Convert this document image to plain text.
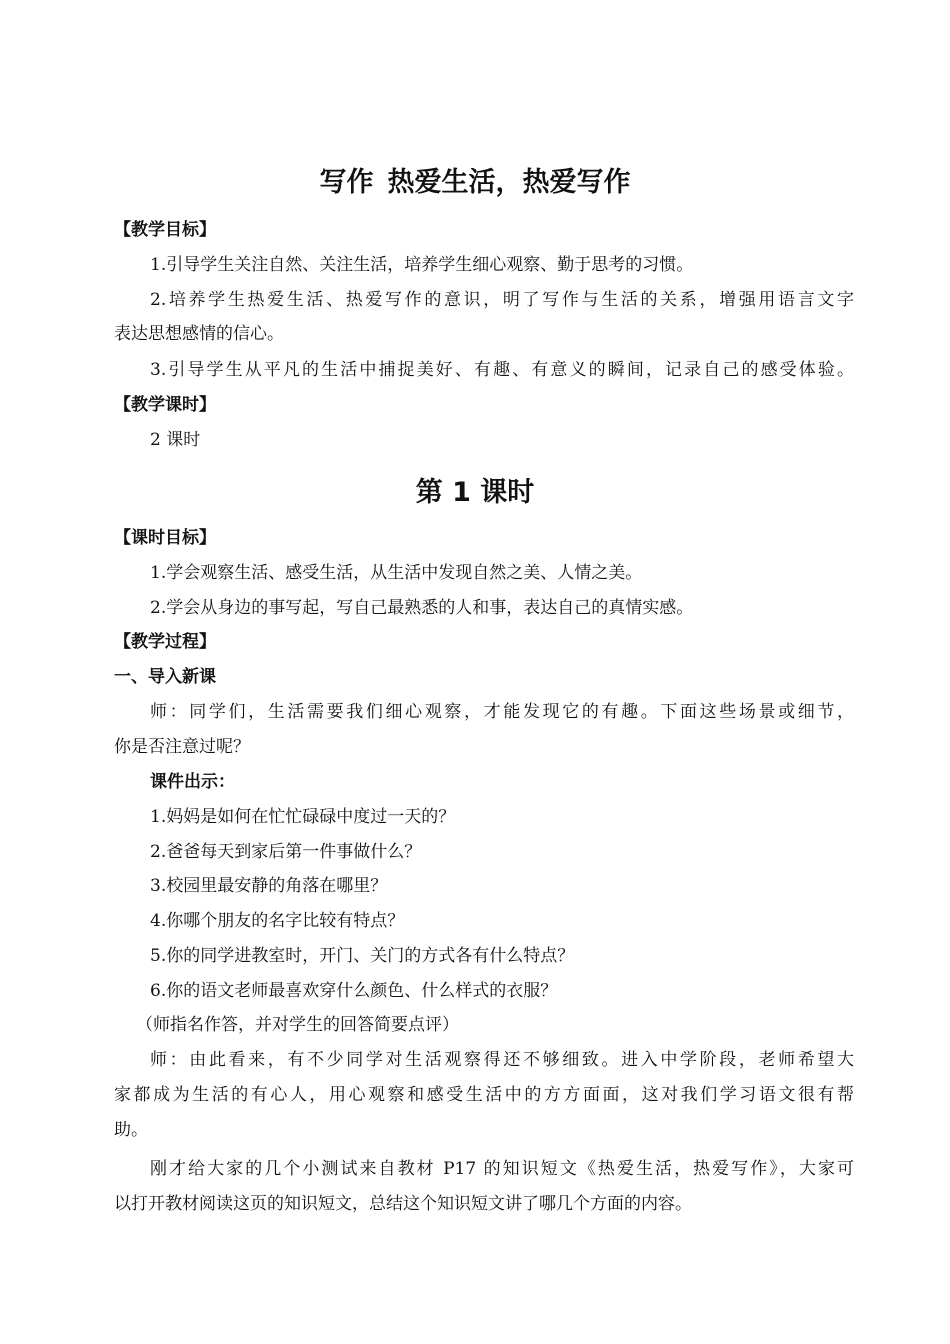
写作 热爱生活，热爱写作
【教学目标】
1.引导学生关注自然、关注生活，培养学生细心观察、勤于思考的习惯。
2.培养学生热爱生活、热爱写作的意识，明了写作与生活的关系，增强用语言文字
表达思想感情的信心。
3.引导学生从平凡的生活中捕捉美好、有趣、有意义的瞬间，记录自己的感受体验。
【教学课时】
2 课时
第 1 课时
【课时目标】
1.学会观察生活、感受生活，从生活中发现自然之美、人情之美。
2.学会从身边的事写起，写自己最熟悉的人和事，表达自己的真情实感。
【教学过程】
一、导入新课
师：同学们，生活需要我们细心观察，才能发现它的有趣。下面这些场景或细节，
你是否注意过呢？
课件出示：
1.妈妈是如何在忙忙碌碌中度过一天的？
2.爸爸每天到家后第一件事做什么？
3.校园里最安静的角落在哪里？
4.你哪个朋友的名字比较有特点？
5.你的同学进教室时，开门、关门的方式各有什么特点？
6.你的语文老师最喜欢穿什么颜色、什么样式的衣服？
（师指名作答，并对学生的回答简要点评）
师：由此看来，有不少同学对生活观察得还不够细致。进入中学阶段，老师希望大
家都成为生活的有心人，用心观察和感受生活中的方方面面，这对我们学习语文很有帮
助。
刚才给大家的几个小测试来自教材 P17 的知识短文《热爱生活，热爱写作》，大家可
以打开教材阅读这页的知识短文，总结这个知识短文讲了哪几个方面的内容。
